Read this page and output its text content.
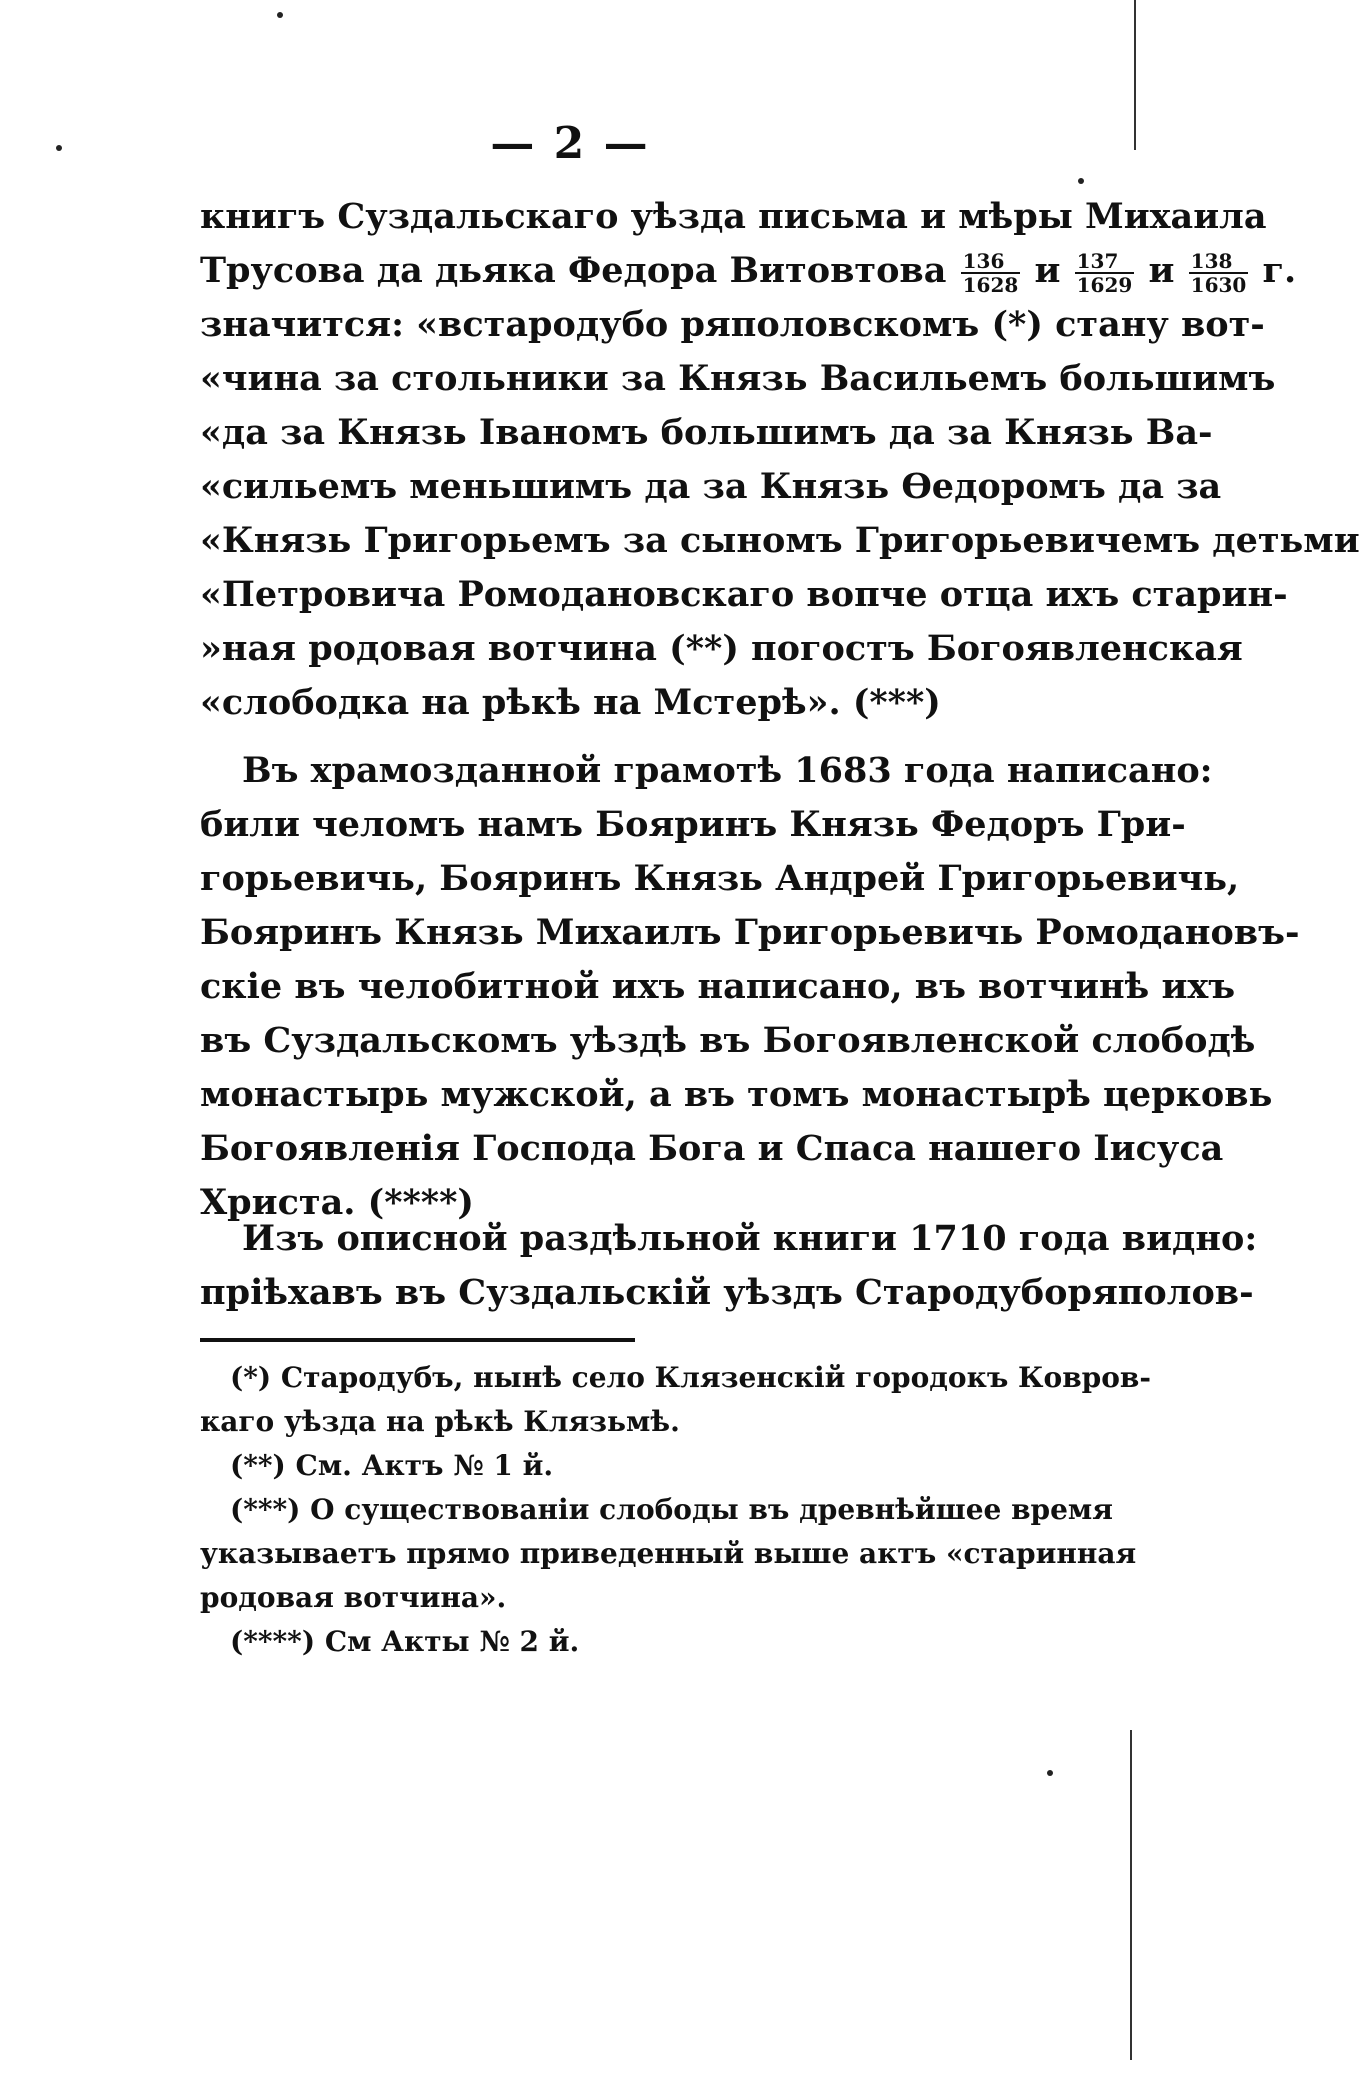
— 2 —
книгъ Суздальскаго уѣзда письма и мѣры Михаила
Трусова да дьяка Федора Витовтова $\frac{136}{1628}$ и $\frac{137}{1629}$ и $\frac{138}{1630} г$.
значится: «встародубо ряполовскомъ (*) стану вот-
«чина за стольники за Князь Васильемъ большимъ
«да за Князь Іваномъ большимъ да за Князь Ва-
«сильемъ меньшимъ да за Князь Өедоромъ да за
«Князь Григорьемъ за сыномъ Григорьевичемъ детьми
«Петровича Ромодановскаго вопче отца ихъ старин-
»ная родовая вотчина (**) погостъ Богоявленская
«слободка на рѣкѣ на Мстерѣ». (***)
Въ храмозданной грамотѣ 1683 года написано:
били челомъ намъ Бояринъ Князь Федоръ Гри-
горьевичь, Бояринъ Князь Андрей Григорьевичь,
Бояринъ Князь Михаилъ Григорьевичь Ромодановъ-
скіе въ челобитной ихъ написано, въ вотчинѣ ихъ
въ Суздальскомъ уѣздѣ въ Богоявленской слободѣ
монастырь мужской, а въ томъ монастырѣ церковь
Богоявленія Господа Бога и Спаса нашего Іисуса
Христа. (****)
Изъ описной раздѣльной книги 1710 года видно:
пріѣхавъ въ Суздальскій уѣздъ Стародуборяполов-
(*) Стародубъ, нынѣ село Клязенскій городокъ Ковров-
каго уѣзда на рѣкѣ Клязьмѣ.
(**) См. Актъ № 1 й.
(***) О существованіи слободы въ древнѣйшее время
указываетъ прямо приведенный выше актъ «старинная
родовая вотчина».
(****) См Акты № 2 й.
